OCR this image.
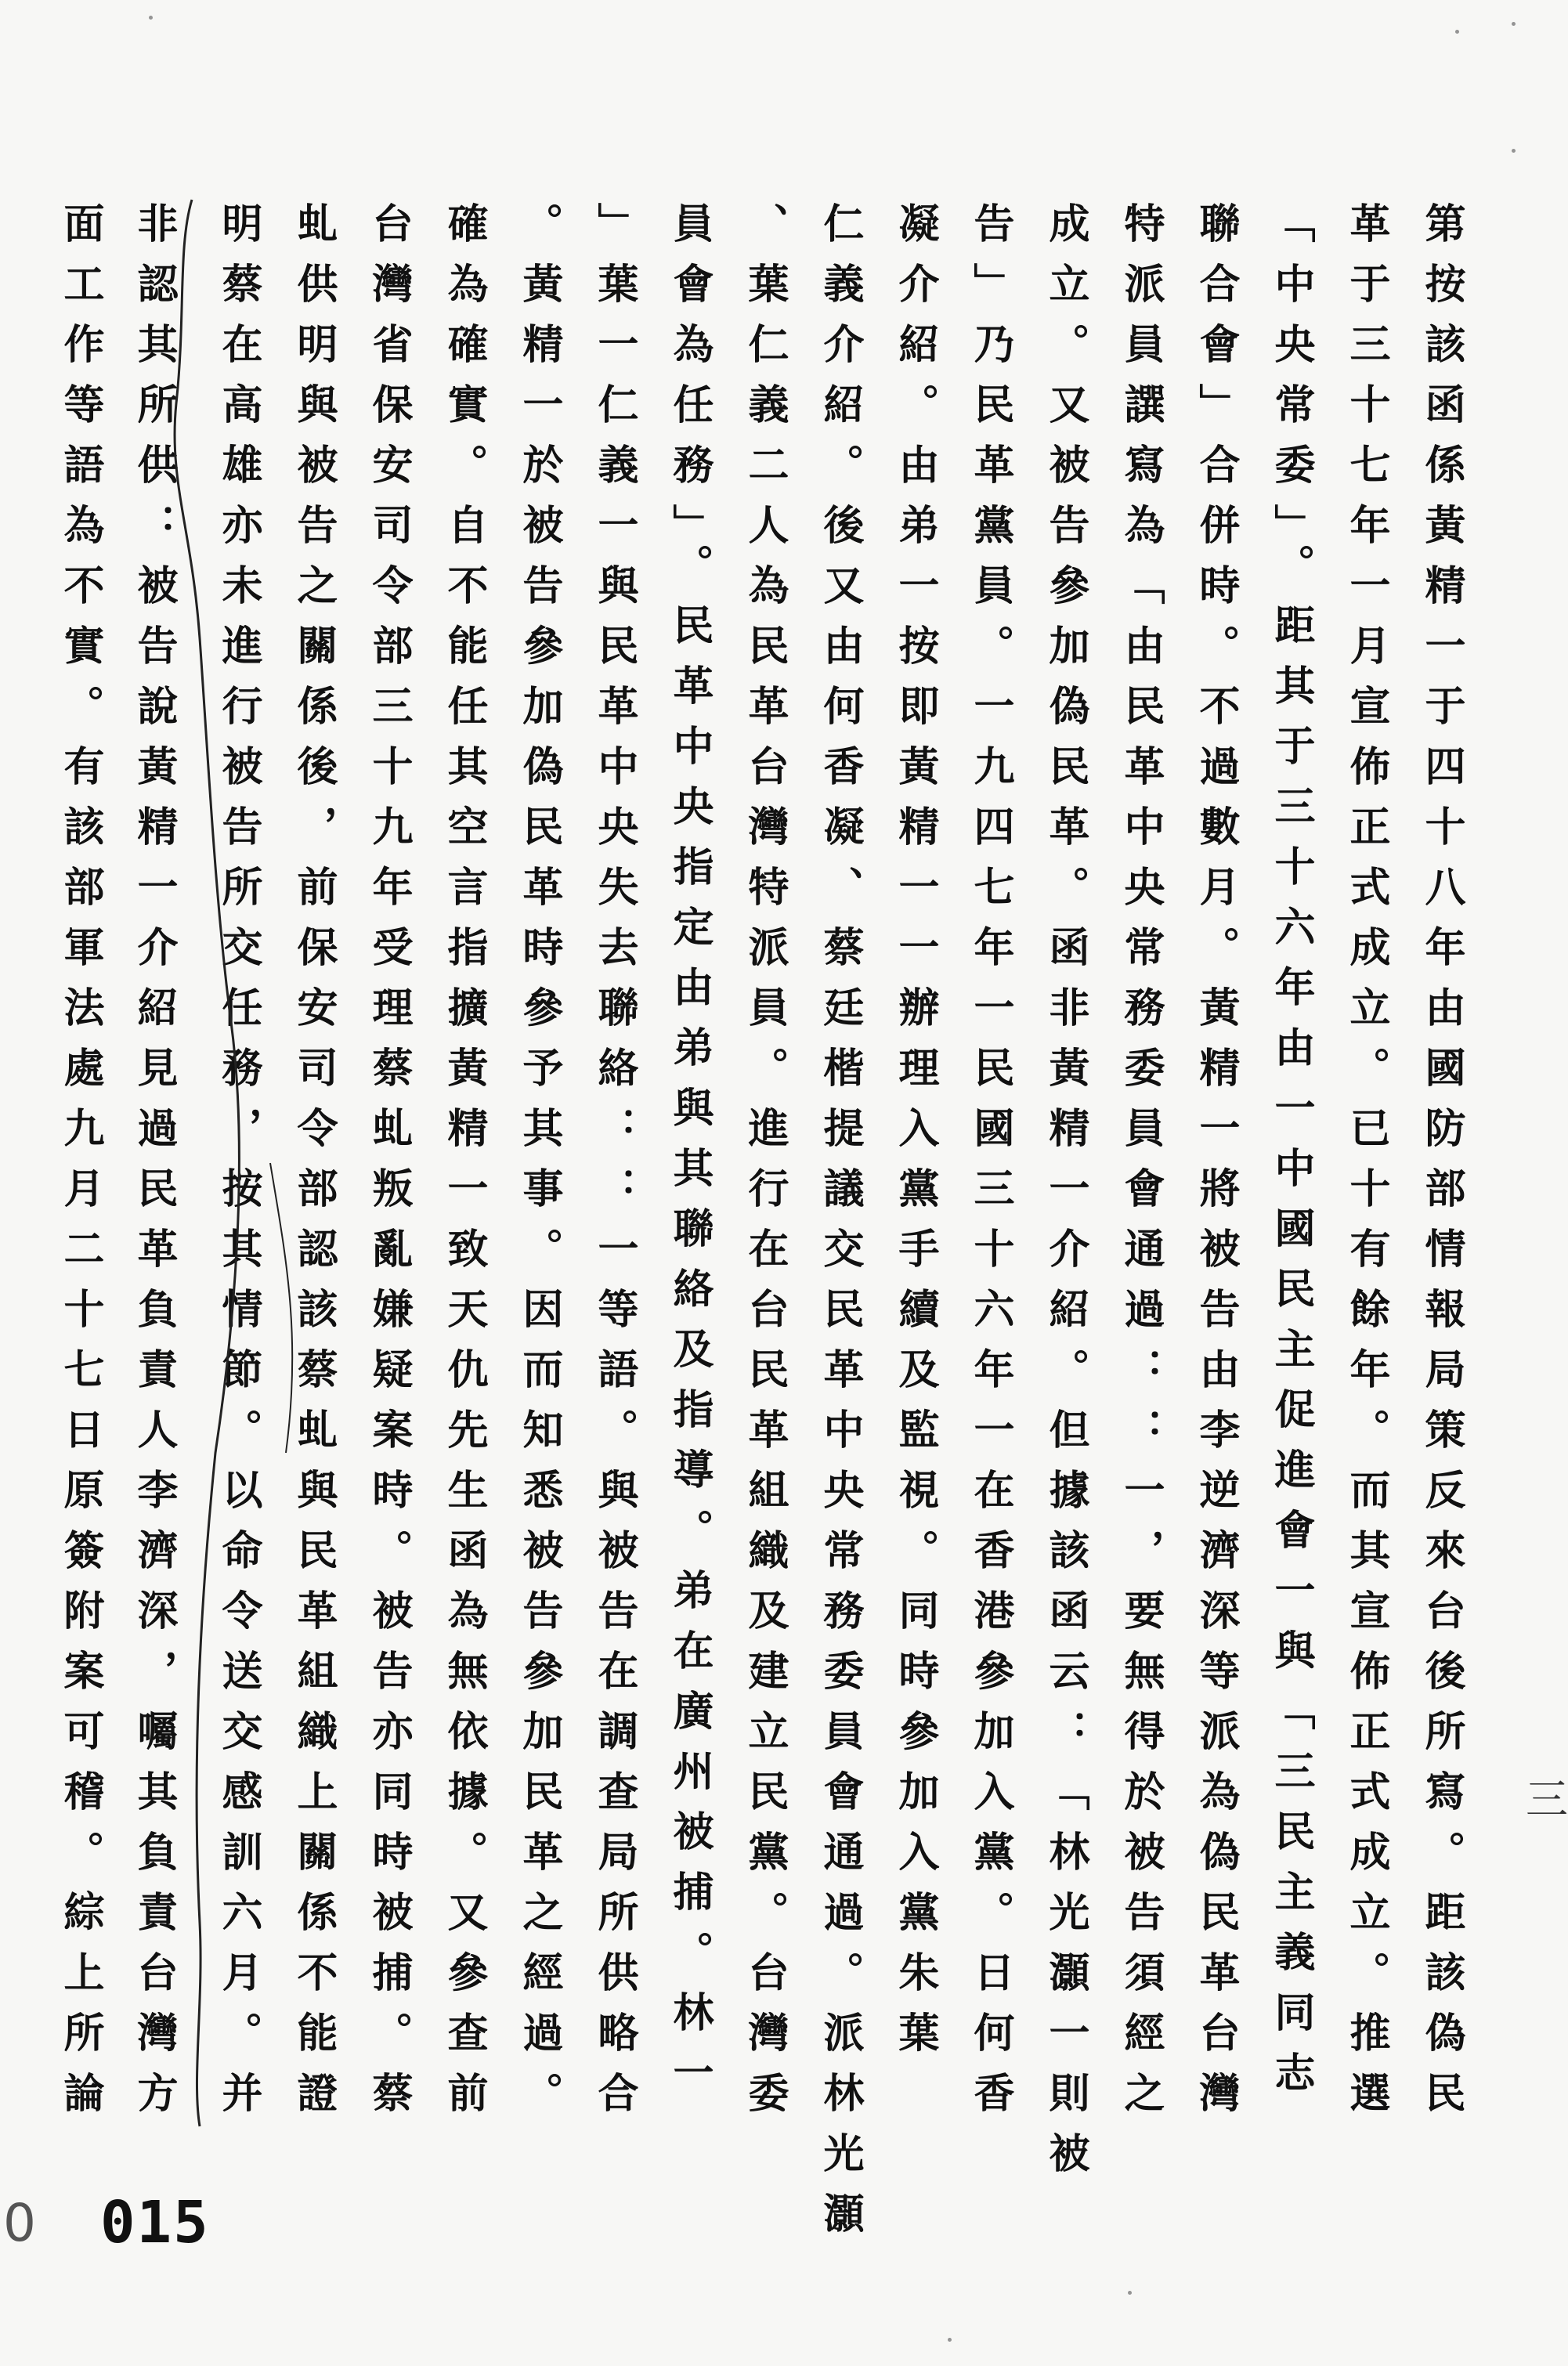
第按該函係黃精一于四十八年由國防部情報局策反來台後所寫。距該偽民
革于三十七年一月宣佈正式成立。已十有餘年。而其宣佈正式成立。推選
「中央常委」。距其于三十六年由一中國民主促進會一與「三民主義同志
聯合會」合併時。不過數月。黃精一將被告由李逆濟深等派為偽民革台灣
特派員譔寫為「由民革中央常務委員會通過：：一，要無得於被告須經之
成立。又被告參加偽民革。函非黃精一介紹。但據該函云：「林光灝一則被
告」乃民革黨員。一九四七年一民國三十六年一在香港參加入黨。日何香
凝介紹。由弟一按即黃精一一辦理入黨手續及監視。同時參加入黨朱葉
仁義介紹。後又由何香凝、蔡廷楷提議交民革中央常務委員會通過。派林光灝
、葉仁義二人為民革台灣特派員。進行在台民革組織及建立民黨。台灣委
員會為任務」。民革中央指定由弟與其聯絡及指導。弟在廣州被捕。林一
」葉一仁義一與民革中央失去聯絡：：一等語。與被告在調查局所供略合
。黃精一於被告參加偽民革時參予其事。因而知悉被告參加民革之經過。
確為確實。自不能任其空言指擴黃精一致天仇先生函為無依據。又參查前
台灣省保安司令部三十九年受理蔡虬叛亂嫌疑案時。被告亦同時被捕。蔡
虬供明與被告之關係後，前保安司令部認該蔡虬與民革組織上關係不能證
明蔡在高雄亦未進行被告所交任務，按其情節。以命令送交感訓六月。并
非認其所供：被告說黃精一介紹見過民革負責人李濟深，囑其負責台灣方
面工作等語為不實。有該部軍法處九月二十七日原簽附案可稽。綜上所論
0 015
三
